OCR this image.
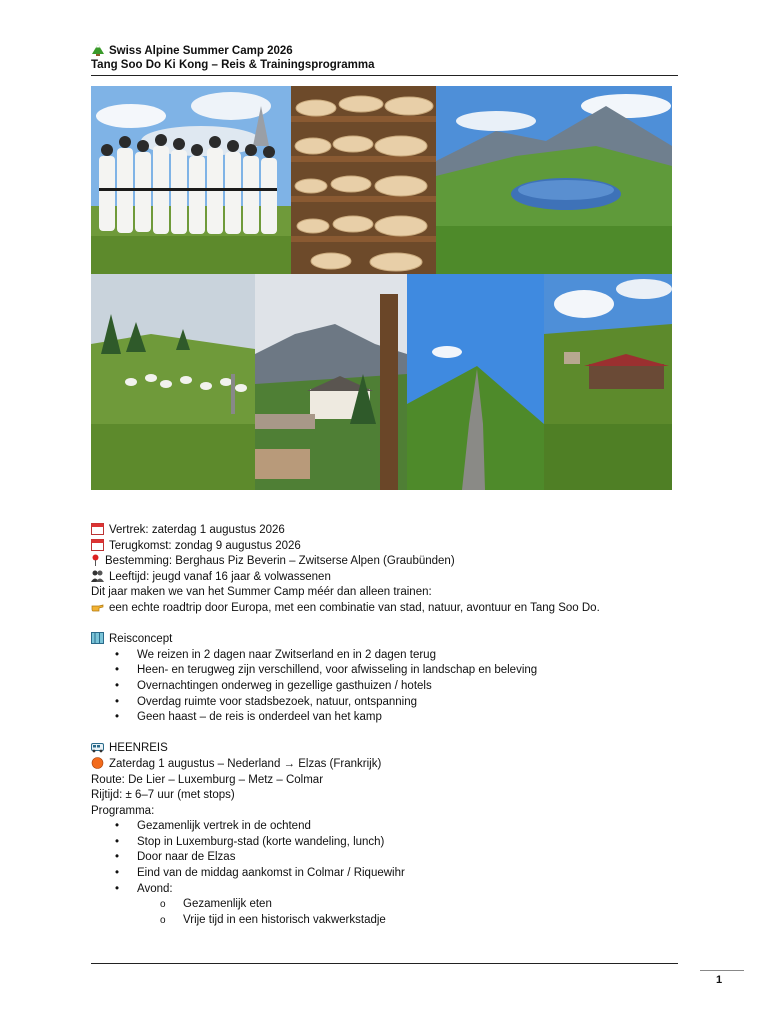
Swiss Alpine Summer Camp 2026
Tang Soo Do Ki Kong – Reis & Trainingsprogramma
Vertrek: zaterdag 1 augustus 2026
Terugkomst: zondag 9 augustus 2026
Bestemming: Berghaus Piz Beverin – Zwitserse Alpen (Graubünden)
Leeftijd: jeugd vanaf 16 jaar & volwassenen
Dit jaar maken we van het Summer Camp méér dan alleen trainen:
een echte roadtrip door Europa, met een combinatie van stad, natuur, avontuur en Tang Soo Do.
Reisconcept
• We reizen in 2 dagen naar Zwitserland en in 2 dagen terug
• Heen- en terugweg zijn verschillend, voor afwisseling in landschap en beleving
• Overnachtingen onderweg in gezellige gasthuizen / hotels
• Overdag ruimte voor stadsbezoek, natuur, ontspanning
• Geen haast – de reis is onderdeel van het kamp
HEENREIS
Zaterdag 1 augustus – Nederland → Elzas (Frankrijk)
Route: De Lier – Luxemburg – Metz – Colmar
Rijtijd: ± 6–7 uur (met stops)
Programma:
• Gezamenlijk vertrek in de ochtend
• Stop in Luxemburg-stad (korte wandeling, lunch)
• Door naar de Elzas
• Eind van de middag aankomst in Colmar / Riquewihr
• Avond:
o Gezamenlijk eten
o Vrije tijd in een historisch vakwerkstadje
1
